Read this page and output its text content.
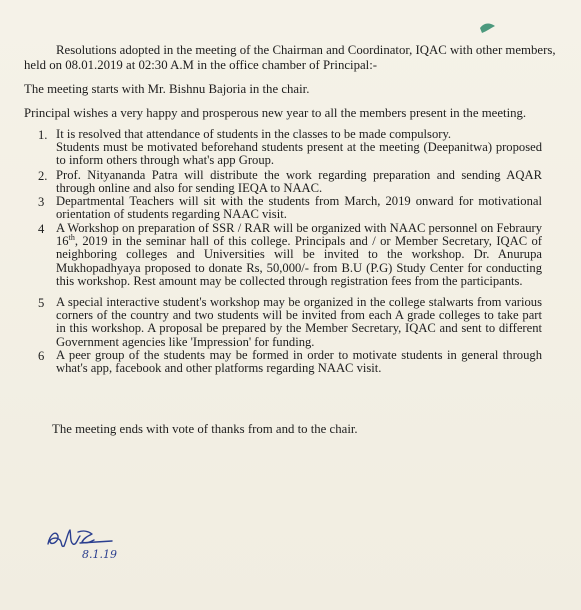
Resolutions adopted in the meeting of the Chairman and Coordinator, IQAC with other members,
held on 08.01.2019 at 02:30 A.M in the office chamber of Principal:-
The meeting starts with Mr. Bishnu Bajoria in the chair.
Principal wishes a very happy and prosperous new year to all the members present in the meeting.
1. It is resolved that attendance of students in the classes to be made compulsory.
Students must be motivated beforehand students present at the meeting (Deepanitwa) proposed to inform others through what's app Group.
2. Prof. Nityananda Patra will distribute the work regarding preparation and sending AQAR through online and also for sending IEQA to NAAC.
3 Departmental Teachers will sit with the students from March, 2019 onward for motivational orientation of students regarding NAAC visit.
4 A Workshop on preparation of SSR / RAR will be organized with NAAC personnel on Febraury 16th, 2019 in the seminar hall of this college. Principals and / or Member Secretary, IQAC of neighboring colleges and Universities will be invited to the workshop. Dr. Anurupa Mukhopadhyaya proposed to donate Rs, 50,000/- from B.U (P.G) Study Center for conducting this workshop. Rest amount may be collected through registration fees from the participants.
5 A special interactive student's workshop may be organized in the college stalwarts from various corners of the country and two students will be invited from each A grade colleges to take part in this workshop. A proposal be prepared by the Member Secretary, IQAC and sent to different Government agencies like 'Impression' for funding.
6 A peer group of the students may be formed in order to motivate students in general through what's app, facebook and other platforms regarding NAAC visit.
The meeting ends with vote of thanks from and to the chair.
8.1.19
